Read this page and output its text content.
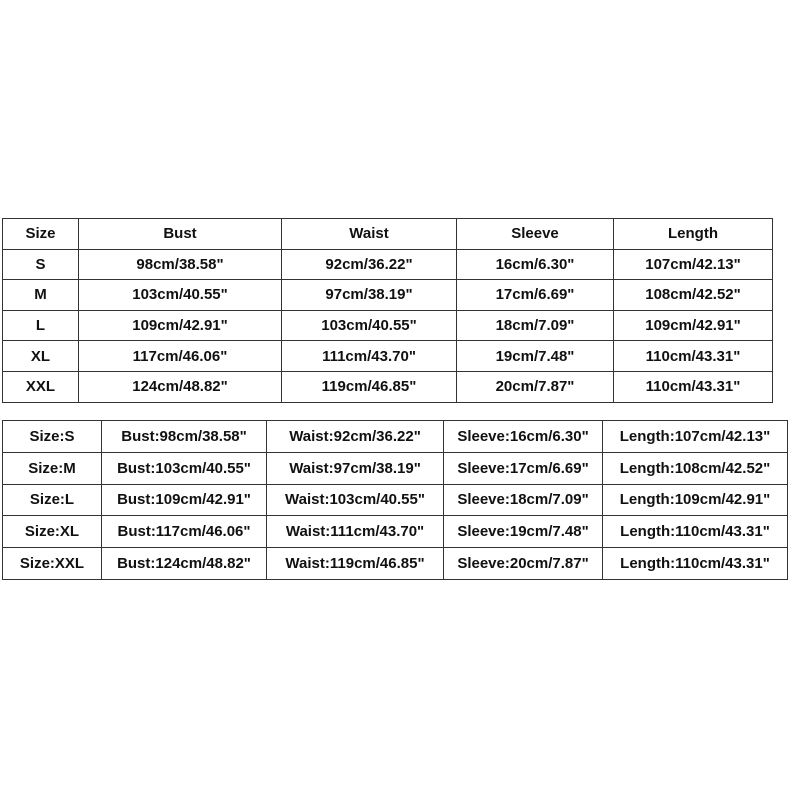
Size	Bust	Waist	Sleeve	Length
S	98cm/38.58"	92cm/36.22"	16cm/6.30"	107cm/42.13"
M	103cm/40.55"	97cm/38.19"	17cm/6.69"	108cm/42.52"
L	109cm/42.91"	103cm/40.55"	18cm/7.09"	109cm/42.91"
XL	117cm/46.06"	111cm/43.70"	19cm/7.48"	110cm/43.31"
XXL	124cm/48.82"	119cm/46.85"	20cm/7.87"	110cm/43.31"
Size:S	Bust:98cm/38.58"	Waist:92cm/36.22"	Sleeve:16cm/6.30"	Length:107cm/42.13"
Size:M	Bust:103cm/40.55"	Waist:97cm/38.19"	Sleeve:17cm/6.69"	Length:108cm/42.52"
Size:L	Bust:109cm/42.91"	Waist:103cm/40.55"	Sleeve:18cm/7.09"	Length:109cm/42.91"
Size:XL	Bust:117cm/46.06"	Waist:111cm/43.70"	Sleeve:19cm/7.48"	Length:110cm/43.31"
Size:XXL	Bust:124cm/48.82"	Waist:119cm/46.85"	Sleeve:20cm/7.87"	Length:110cm/43.31"
